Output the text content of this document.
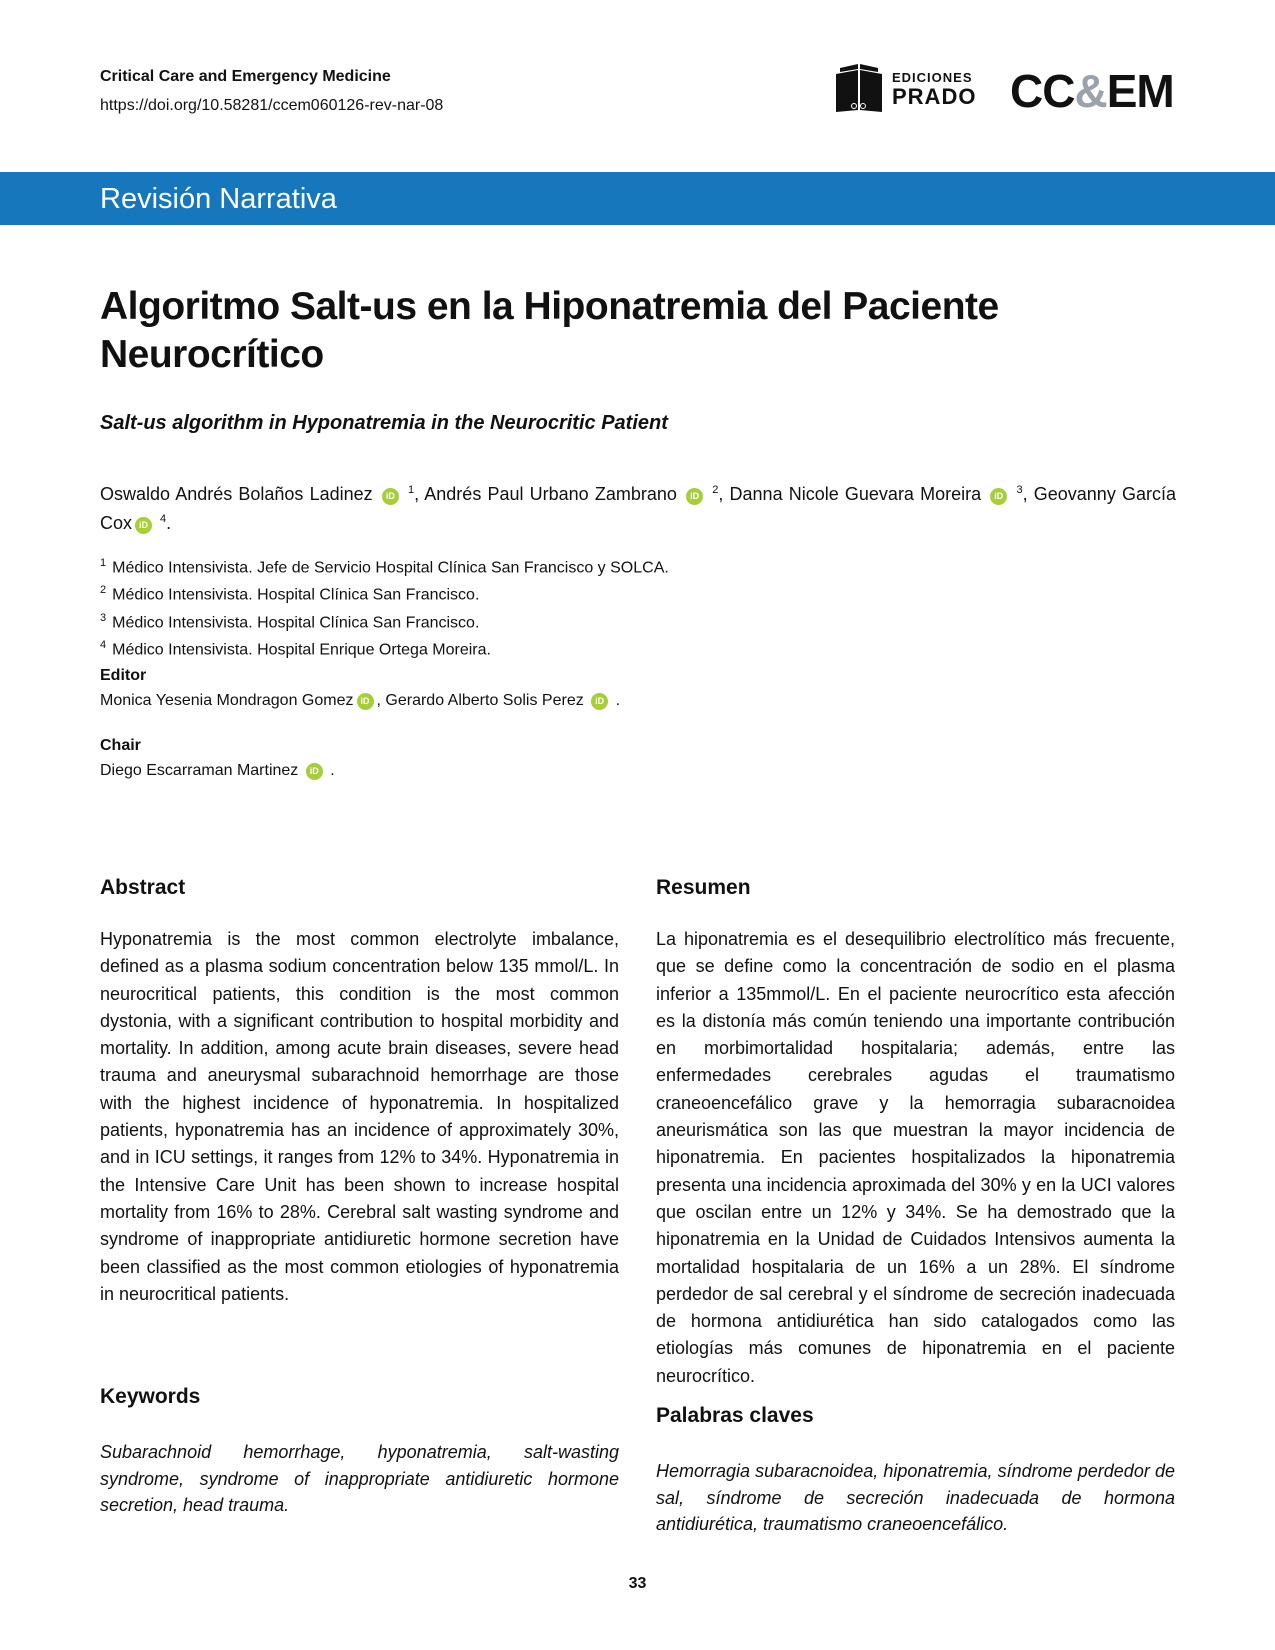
Critical Care and Emergency Medicine
https://doi.org/10.58281/ccem060126-rev-nar-08
EDICIONES
PRADO CC&EM
Revisión Narrativa
Algoritmo Salt-us en la Hiponatremia del Paciente Neurocrítico
Salt-us algorithm in Hyponatremia in the Neurocritic Patient
Oswaldo Andrés Bolaños Ladinez iD $^1$, Andrés Paul Urbano Zambrano iD $^2$, Danna Nicole Guevara Moreira iD $^3$, Geovanny García Cox iD $^4$.
$^1$ Médico Intensivista. Jefe de Servicio Hospital Clínica San Francisco y SOLCA.
$^2$ Médico Intensivista. Hospital Clínica San Francisco.
$^3$ Médico Intensivista. Hospital Clínica San Francisco.
$^4$ Médico Intensivista. Hospital Enrique Ortega Moreira.
Editor
Monica Yesenia Mondragon Gomez iD , Gerardo Alberto Solis Perez iD .
Chair
Diego Escarraman Martinez iD .
Abstract
Hyponatremia is the most common electrolyte imbalance, defined as a plasma sodium concentration below 135 mmol/L. In neurocritical patients, this condition is the most common dystonia, with a significant contribution to hospital morbidity and mortality. In addition, among acute brain diseases, severe head trauma and aneurysmal subarachnoid hemorrhage are those with the highest incidence of hyponatremia. In hospitalized patients, hyponatremia has an incidence of approximately 30%, and in ICU settings, it ranges from 12% to 34%. Hyponatremia in the Intensive Care Unit has been shown to increase hospital mortality from 16% to 28%. Cerebral salt wasting syndrome and syndrome of inappropriate antidiuretic hormone secretion have been classified as the most common etiologies of hyponatremia in neurocritical patients.
Keywords
Subarachnoid hemorrhage, hyponatremia, salt-wasting syndrome, syndrome of inappropriate antidiuretic hormone secretion, head trauma.
Resumen
La hiponatremia es el desequilibrio electrolítico más frecuente, que se define como la concentración de sodio en el plasma inferior a 135mmol/L. En el paciente neurocrítico esta afección es la distonía más común teniendo una importante contribución en morbimortalidad hospitalaria; además, entre las enfermedades cerebrales agudas el traumatismo craneoencefálico grave y la hemorragia subaracnoidea aneurismática son las que muestran la mayor incidencia de hiponatremia. En pacientes hospitalizados la hiponatremia presenta una incidencia aproximada del 30% y en la UCI valores que oscilan entre un 12% y 34%. Se ha demostrado que la hiponatremia en la Unidad de Cuidados Intensivos aumenta la mortalidad hospitalaria de un 16% a un 28%. El síndrome perdedor de sal cerebral y el síndrome de secreción inadecuada de hormona antidiurética han sido catalogados como las etiologías más comunes de hiponatremia en el paciente neurocrítico.
Palabras claves
Hemorragia subaracnoidea, hiponatremia, síndrome perdedor de sal, síndrome de secreción inadecuada de hormona antidiurética, traumatismo craneoencefálico.
33
